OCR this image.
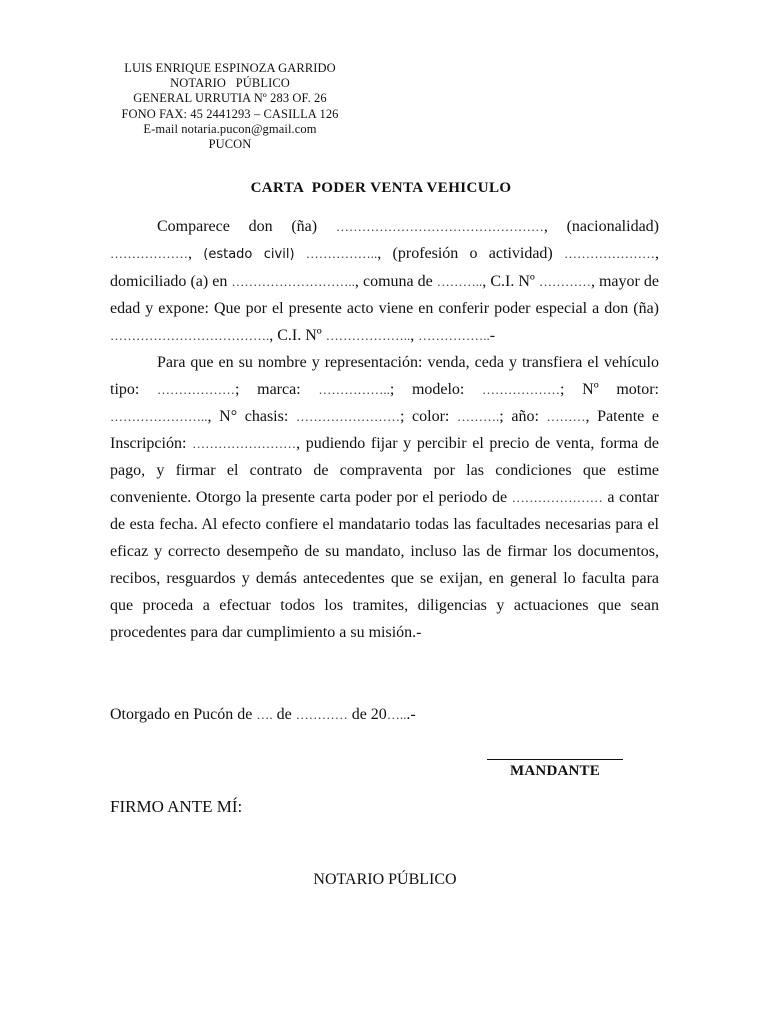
LUIS ENRIQUE ESPINOZA GARRIDO
NOTARIO   PÚBLICO
GENERAL URRUTIA Nº 283 OF. 26
FONO FAX: 45 2441293 – CASILLA 126
E-mail notaria.pucon@gmail.com
PUCON
CARTA  PODER VENTA VEHICULO

Comparece don (ña) …………………………………………, (nacionalidad) ………………, (estado civil) …………….., (profesión o actividad) …………………, domiciliado (a) en ……………………….., comuna de ……….., C.I. Nº …………, mayor de edad y expone: Que por el presente acto viene en conferir poder especial a don (ña) ………………………………., C.I. Nº ……………….., ……………..-

Para que en su nombre y representación: venda, ceda y transfiera el vehículo tipo: ………………; marca: ……………..; modelo: ………………; Nº motor: ………………….., N° chasis: ……………………; color: ……….; año: ………, Patente e Inscripción: ……………………, pudiendo fijar y percibir el precio de venta, forma de pago, y firmar el contrato de compraventa por las condiciones que estime conveniente. Otorgo la presente carta poder por el periodo de ………………… a contar de esta fecha. Al efecto confiere el mandatario todas las facultades necesarias para el eficaz y correcto desempeño de su mandato, incluso las de firmar los documentos, recibos, resguardos y demás antecedentes que se exijan, en general lo faculta para que proceda a efectuar todos los tramites, diligencias y actuaciones que sean procedentes para dar cumplimiento a su misión.-

Otorgado en Pucón de …. de ………… de 20…...-
MANDANTE
FIRMO ANTE MÍ:
NOTARIO PÚBLICO
